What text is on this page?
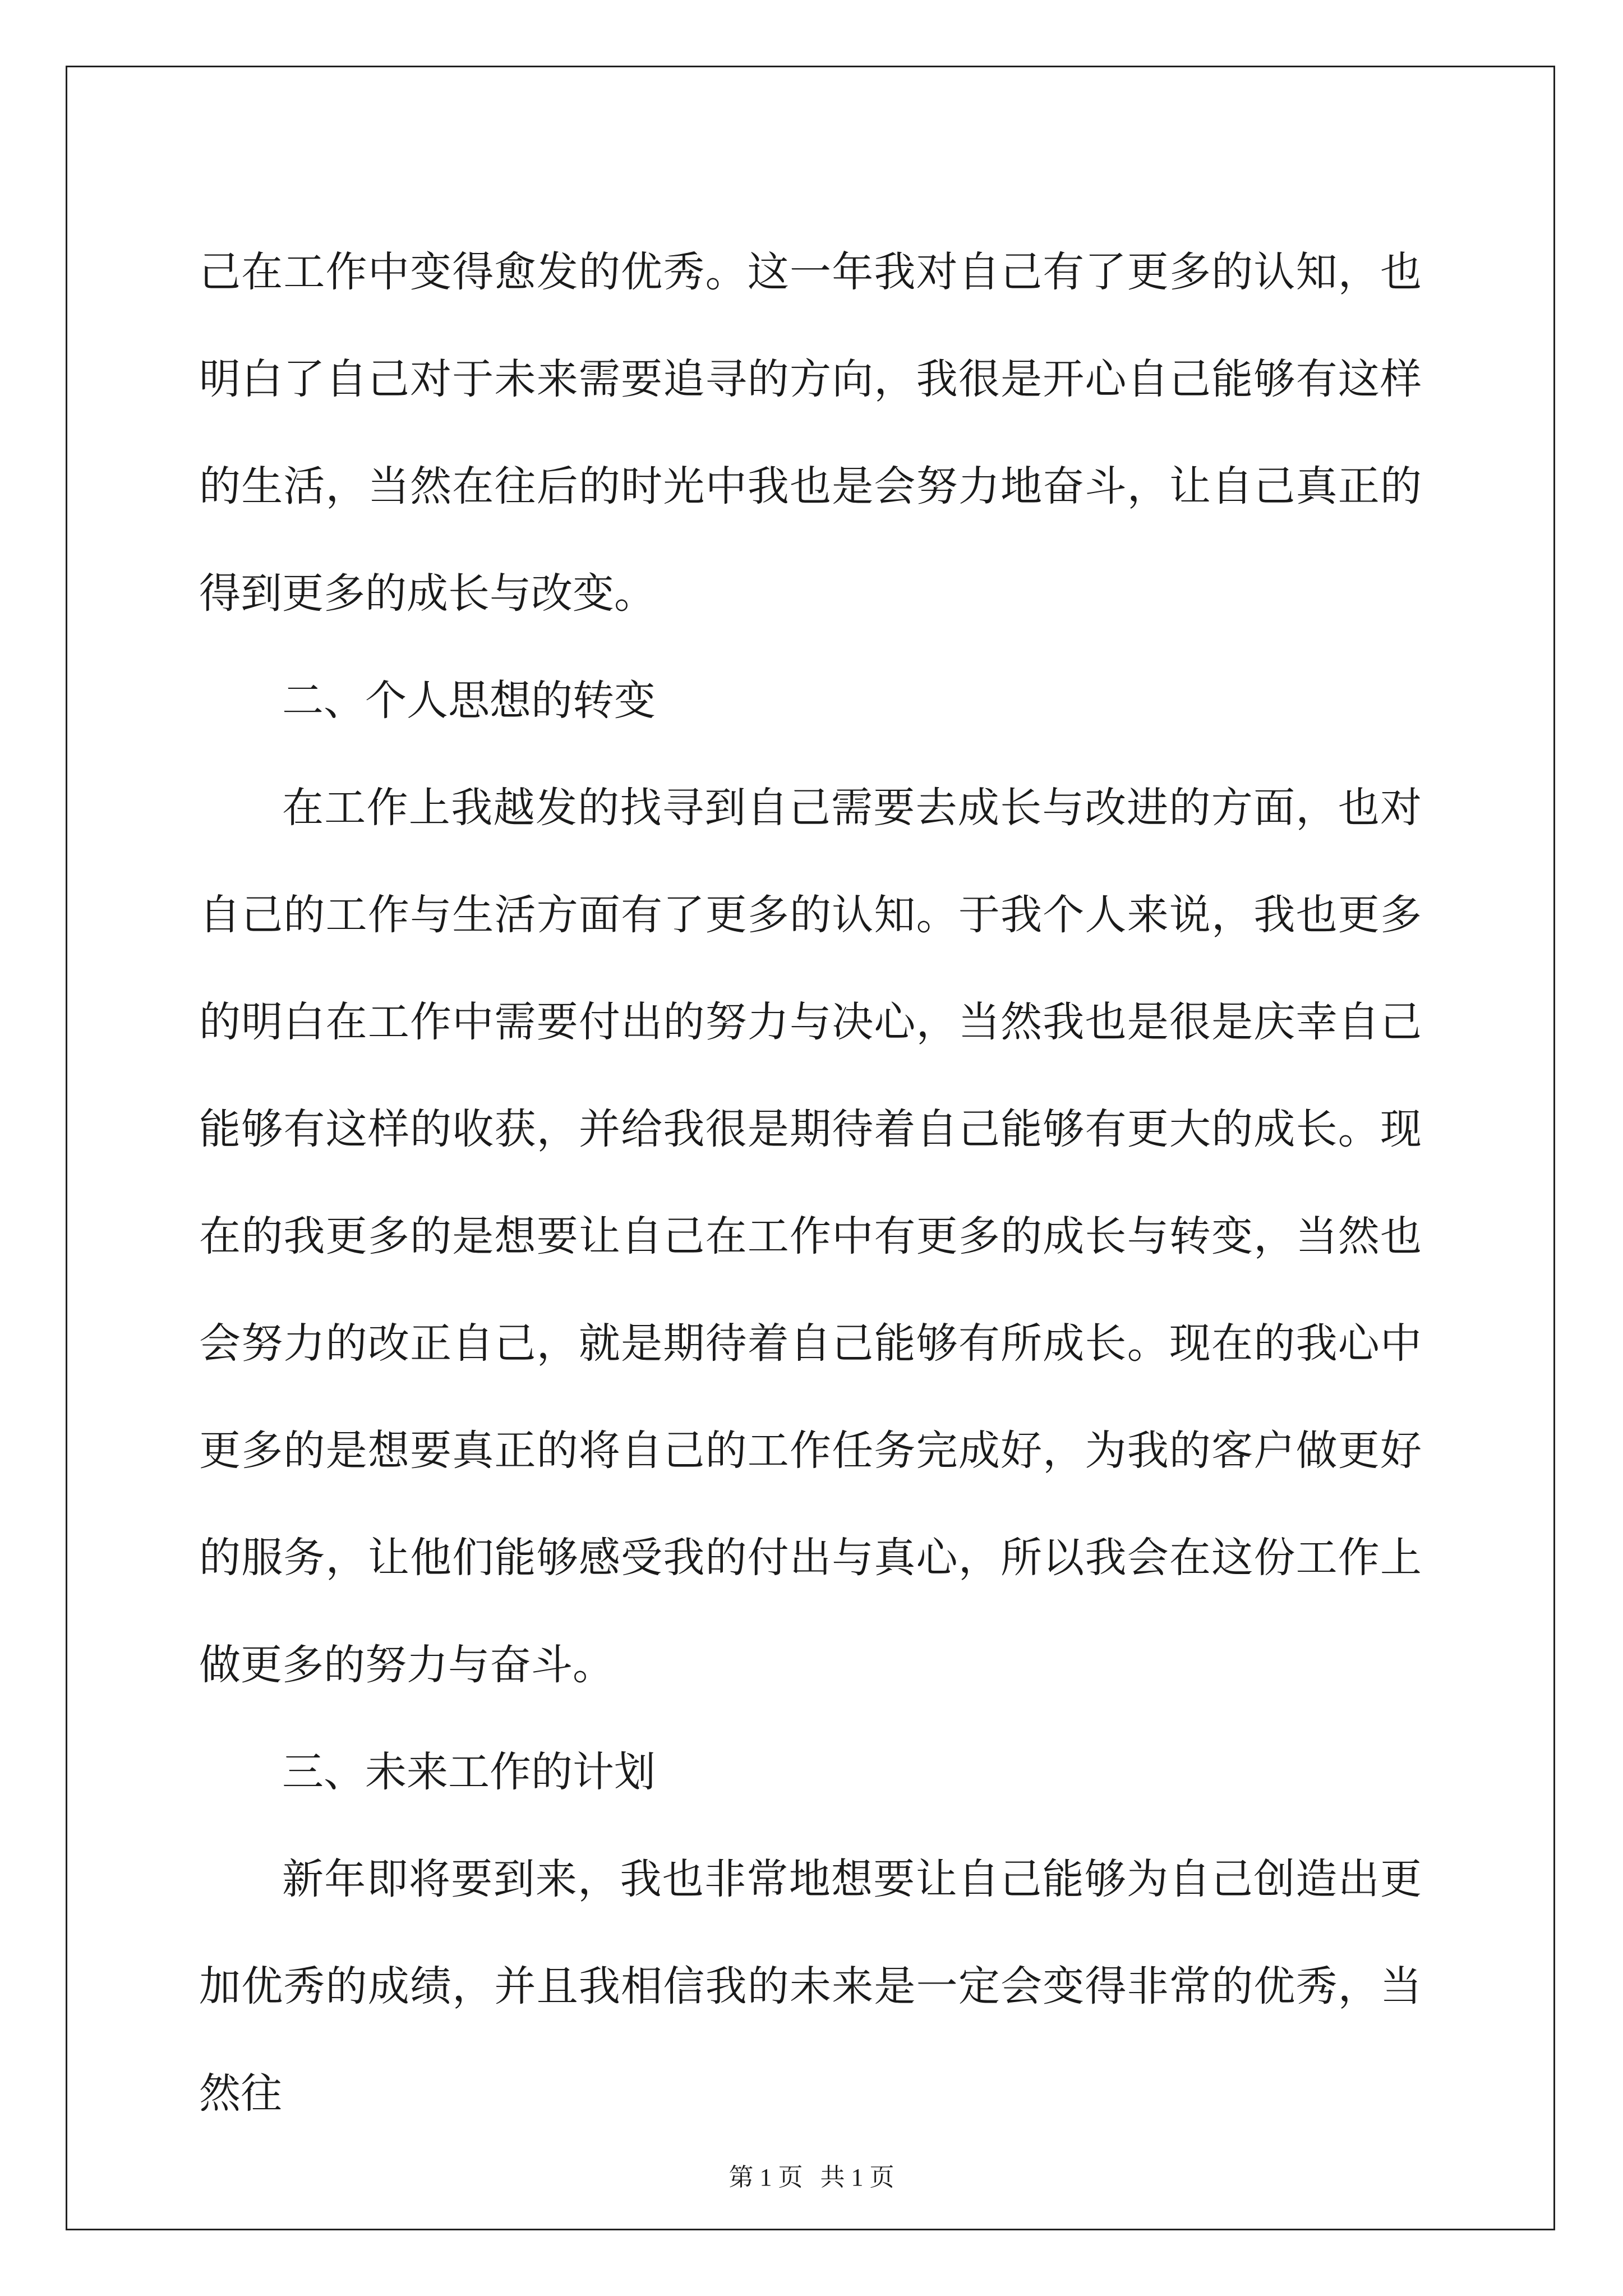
己在工作中变得愈发的优秀。这一年我对自己有了更多的认知，也明白了自己对于未来需要追寻的方向，我很是开心自己能够有这样的生活，当然在往后的时光中我也是会努力地奋斗，让自己真正的得到更多的成长与改变。

二、个人思想的转变

在工作上我越发的找寻到自己需要去成长与改进的方面，也对自己的工作与生活方面有了更多的认知。于我个人来说，我也更多的明白在工作中需要付出的努力与决心，当然我也是很是庆幸自己能够有这样的收获，并给我很是期待着自己能够有更大的成长。现在的我更多的是想要让自己在工作中有更多的成长与转变，当然也会努力的改正自己，就是期待着自己能够有所成长。现在的我心中更多的是想要真正的将自己的工作任务完成好，为我的客户做更好的服务，让他们能够感受我的付出与真心，所以我会在这份工作上做更多的努力与奋斗。

三、未来工作的计划

新年即将要到来，我也非常地想要让自己能够为自己创造出更加优秀的成绩，并且我相信我的未来是一定会变得非常的优秀，当然往

第 1 页 共 1 页
